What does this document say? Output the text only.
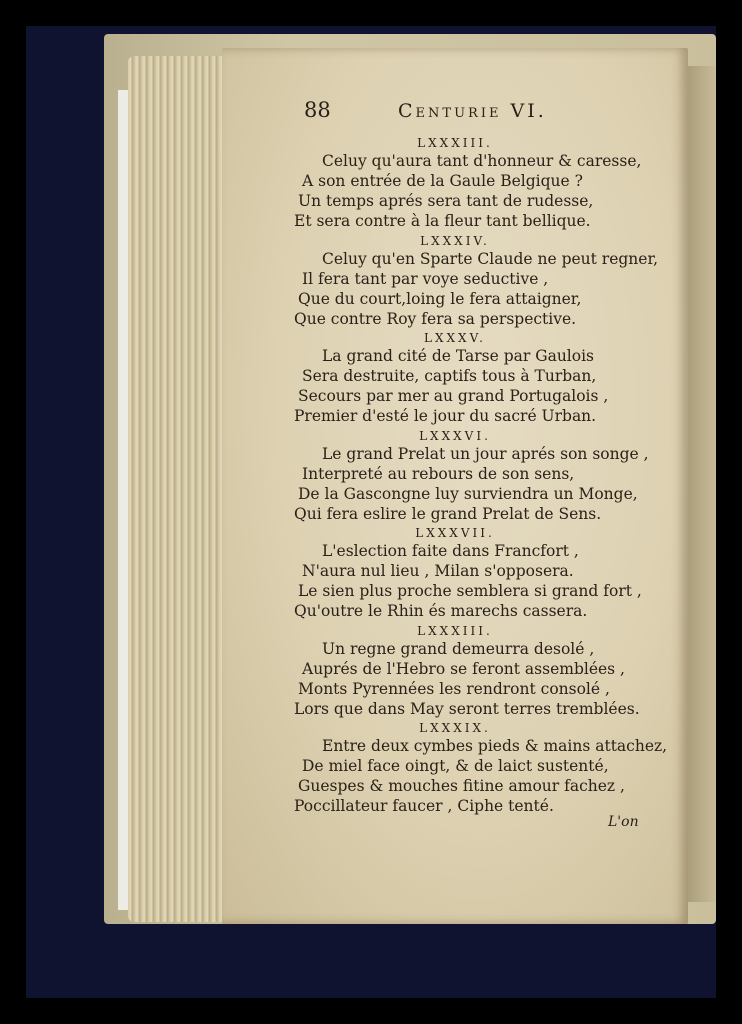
88	Centurie VI.
LXXXIII.
Celuy qu'aura tant d'honneur & caresse,
A son entrée de la Gaule Belgique ?
Un temps aprés sera tant de rudesse,
Et sera contre à la fleur tant bellique.
LXXXIV.
Celuy qu'en Sparte Claude ne peut regner,
Il fera tant par voye seductive ,
Que du court,loing le fera attaigner,
Que contre Roy fera sa perspective.
LXXXV.
La grand cité de Tarse par Gaulois
Sera destruite, captifs tous à Turban,
Secours par mer au grand Portugalois ,
Premier d'esté le jour du sacré Urban.
LXXXVI.
Le grand Prelat un jour aprés son songe ,
Interpreté au rebours de son sens,
De la Gascongne luy surviendra un Monge,
Qui fera eslire le grand Prelat de Sens.
LXXXVII.
L'eslection faite dans Francfort ,
N'aura nul lieu , Milan s'opposera.
Le sien plus proche semblera si grand fort ,
Qu'outre le Rhin és marechs cassera.
LXXXIII.
Un regne grand demeurra desolé ,
Auprés de l'Hebro se feront assemblées ,
Monts Pyrennées les rendront consolé ,
Lors que dans May seront terres tremblées.
LXXXIX.
Entre deux cymbes pieds & mains attachez,
De miel face oingt, & de laict sustenté,
Guespes & mouches fitine amour fachez ,
Poccillateur faucer , Ciphe tenté.
L'on
